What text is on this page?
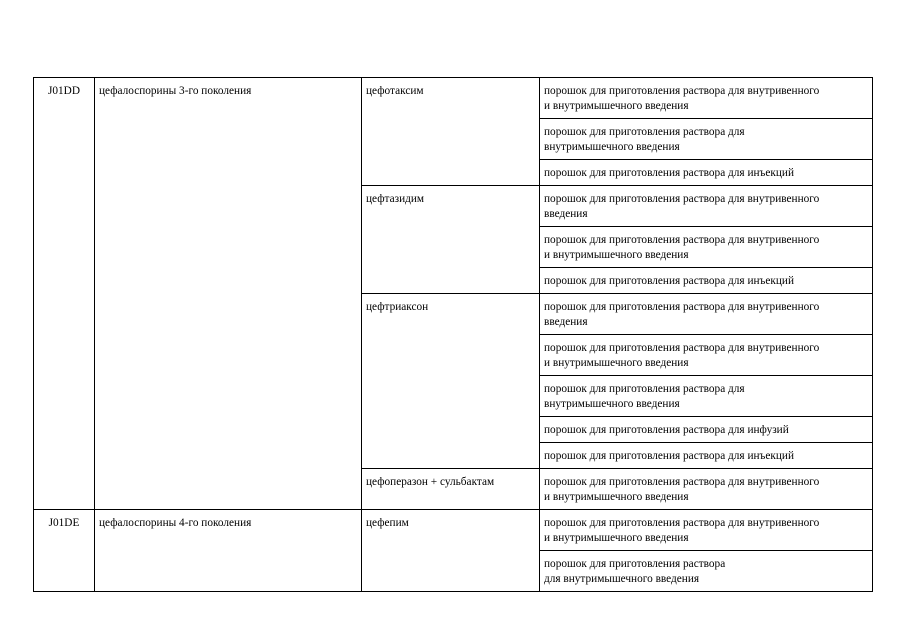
J01DD	цефалоспорины 3-го поколения	цефотаксим	порошок для приготовления раствора для внутривенного
и внутримышечного введения

			порошок для приготовления раствора для
внутримышечного введения

			порошок для приготовления раствора для инъекций

		цефтазидим	порошок для приготовления раствора для внутривенного
введения

			порошок для приготовления раствора для внутривенного
и внутримышечного введения

			порошок для приготовления раствора для инъекций

		цефтриаксон	порошок для приготовления раствора для внутривенного
введения

			порошок для приготовления раствора для внутривенного
и внутримышечного введения

			порошок для приготовления раствора для
внутримышечного введения

			порошок для приготовления раствора для инфузий

			порошок для приготовления раствора для инъекций

		цефоперазон + сульбактам	порошок для приготовления раствора для внутривенного
и внутримышечного введения

J01DE	цефалоспорины 4-го поколения	цефепим	порошок для приготовления раствора для внутривенного
и внутримышечного введения

			порошок для приготовления раствора
для внутримышечного введения
